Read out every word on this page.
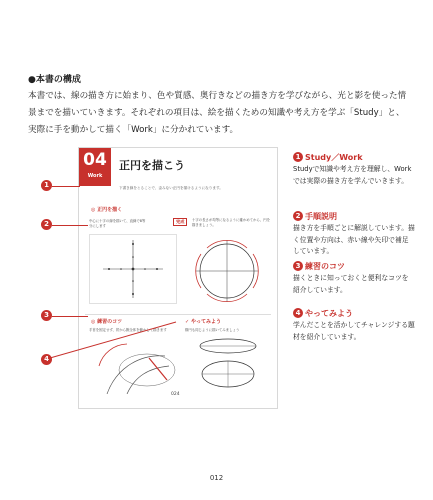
●本書の構成
本書では、線の描き方に始まり、色や質感、奥行きなどの描き方を学びながら、光と影を使った情景までを描いていきます。それぞれの項目は、絵を描くための知識や考え方を学ぶ「Study」と、実際に手を動かして描く「Work」に分かれています。
04
Work
正円を描こう
下書き線をとることで、歪みない正円を描けるようになります。
◎ 正円を描く
中心に十字の線を描いて、直線で8等分にします
十字の長さが均等になるように確かめてから、円を描きましょう。
完成
◎ 練習のコツ
手首を固定せず、肘から腕全体を動かして描きます
✓ やってみよう
楕円も同じように描いてみましょう
024
1
2
3
4
1 Study／Work
Studyで知識や考え方を理解し、Workでは実際の描き方を学んでいきます。
2 手順説明
描き方を手順ごとに解説しています。描く位置や方向は、赤い線や矢印で補足しています。
3 練習のコツ
描くときに知っておくと便利なコツを紹介しています。
4 やってみよう
学んだことを活かしてチャレンジする題材を紹介しています。
012
